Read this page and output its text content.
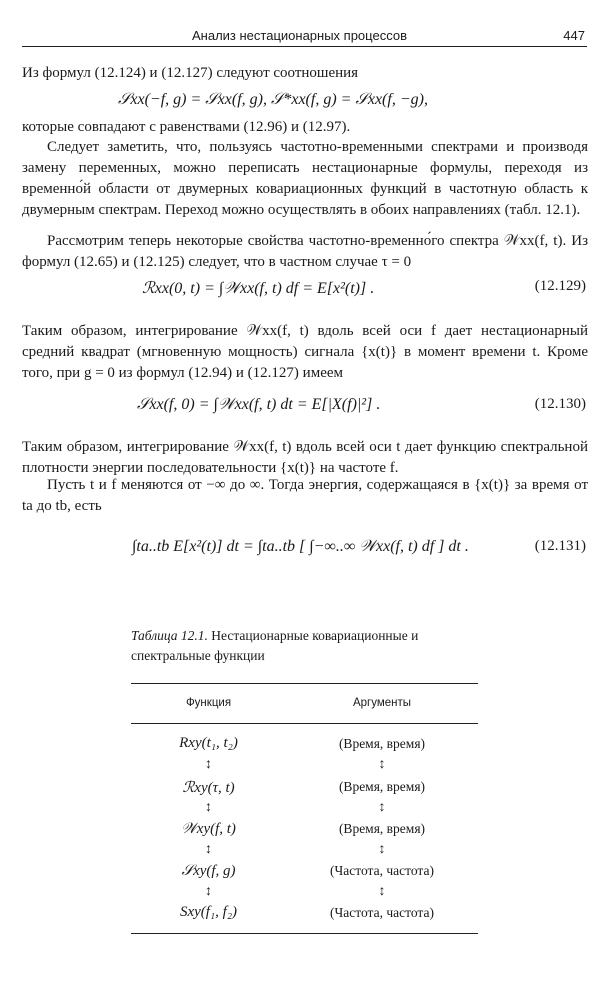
Анализ нестационарных процессов	447

Из формул (12.124) и (12.127) следуют соотношения

𝒮xx(−f, g) = 𝒮xx(f, g), 𝒮*xx(f, g) = 𝒮xx(f, −g),

которые совпадают с равенствами (12.96) и (12.97).

Следует заметить, что, пользуясь частотно-временными спектрами и производя замену переменных, можно переписать нестационарные формулы, переходя из временно́й области от двумерных ковариационных функций в частотную область к двумерным спектрам. Переход можно осуществлять в обоих направлениях (табл. 12.1).

Рассмотрим теперь некоторые свойства частотно-временно́го спектра 𝒲xx(f, t). Из формул (12.65) и (12.125) следует, что в частном случае τ = 0

ℛxx(0, t) = ∫𝒲xx(f, t) df = E[x²(t)] .	(12.129)

Таким образом, интегрирование 𝒲xx(f, t) вдоль всей оси f дает нестационарный средний квадрат (мгновенную мощность) сигнала {x(t)} в момент времени t. Кроме того, при g = 0 из формул (12.94) и (12.127) имеем

𝒮xx(f, 0) = ∫𝒲xx(f, t) dt = E[|X(f)|²] .	(12.130)

Таким образом, интегрирование 𝒲xx(f, t) вдоль всей оси t дает функцию спектральной плотности энергии последовательности {x(t)} на частоте f.

Пусть t и f меняются от −∞ до ∞. Тогда энергия, содержащаяся в {x(t)} за время от ta до tb, есть

∫ta..tb E[x²(t)] dt = ∫ta..tb [ ∫−∞..∞ 𝒲xx(f, t) df ] dt .	(12.131)
Таблица 12.1. Нестационарные ковариационные и спектральные функции
Функция	Аргументы
Rxy(t₁, t₂)	(Время, время)
↕	↕
ℛxy(τ, t)	(Время, время)
↕	↕
𝒲xy(f, t)	(Время, время)
↕	↕
𝒮xy(f, g)	(Частота, частота)
↕	↕
Sxy(f₁, f₂)	(Частота, частота)
